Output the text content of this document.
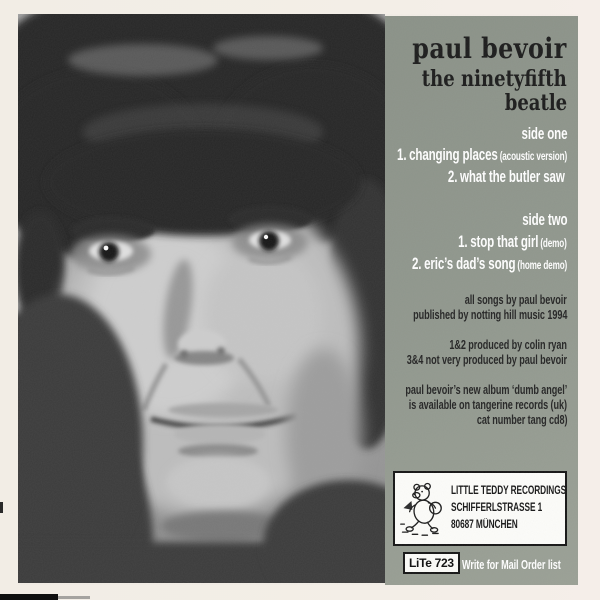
paul bevoir
the ninetyfifth
beatle
side one
1. changing places (acoustic version)
2. what the butler saw
side two
1. stop that girl (demo)
2. eric’s dad’s song (home demo)
all songs by paul bevoir
published by notting hill music 1994
1&2 produced by colin ryan
3&4 not very produced by paul bevoir
paul bevoir’s new album ‘dumb angel’
is available on tangerine records (uk)
cat number tang cd8)
LITTLE TEDDY RECORDINGS
SCHIFFERLSTRASSE 1
80687 MÜNCHEN
LiTe 723 Write for Mail Order list
